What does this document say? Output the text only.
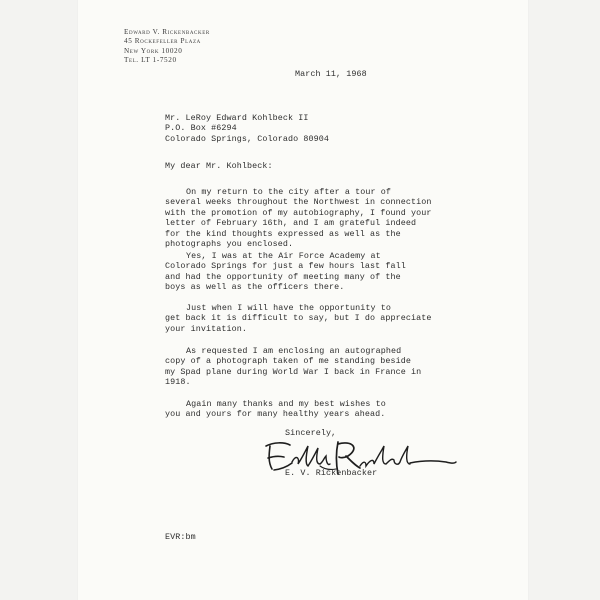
Edward V. Rickenbacker
45 Rockefeller Plaza
New York 10020
Tel. LT 1-7520
March 11, 1968
Mr. LeRoy Edward Kohlbeck II
P.O. Box #6294
Colorado Springs, Colorado 80904
My dear Mr. Kohlbeck:
On my return to the city after a tour of
several weeks throughout the Northwest in connection
with the promotion of my autobiography, I found your
letter of February 16th, and I am grateful indeed
for the kind thoughts expressed as well as the
photographs you enclosed.
Yes, I was at the Air Force Academy at
Colorado Springs for just a few hours last fall
and had the opportunity of meeting many of the
boys as well as the officers there.
Just when I will have the opportunity to
get back it is difficult to say, but I do appreciate
your invitation.
As requested I am enclosing an autographed
copy of a photograph taken of me standing beside
my Spad plane during World War I back in France in
1918.
Again many thanks and my best wishes to
you and yours for many healthy years ahead.
Sincerely,
E. V. Rickenbacker
EVR:bm
